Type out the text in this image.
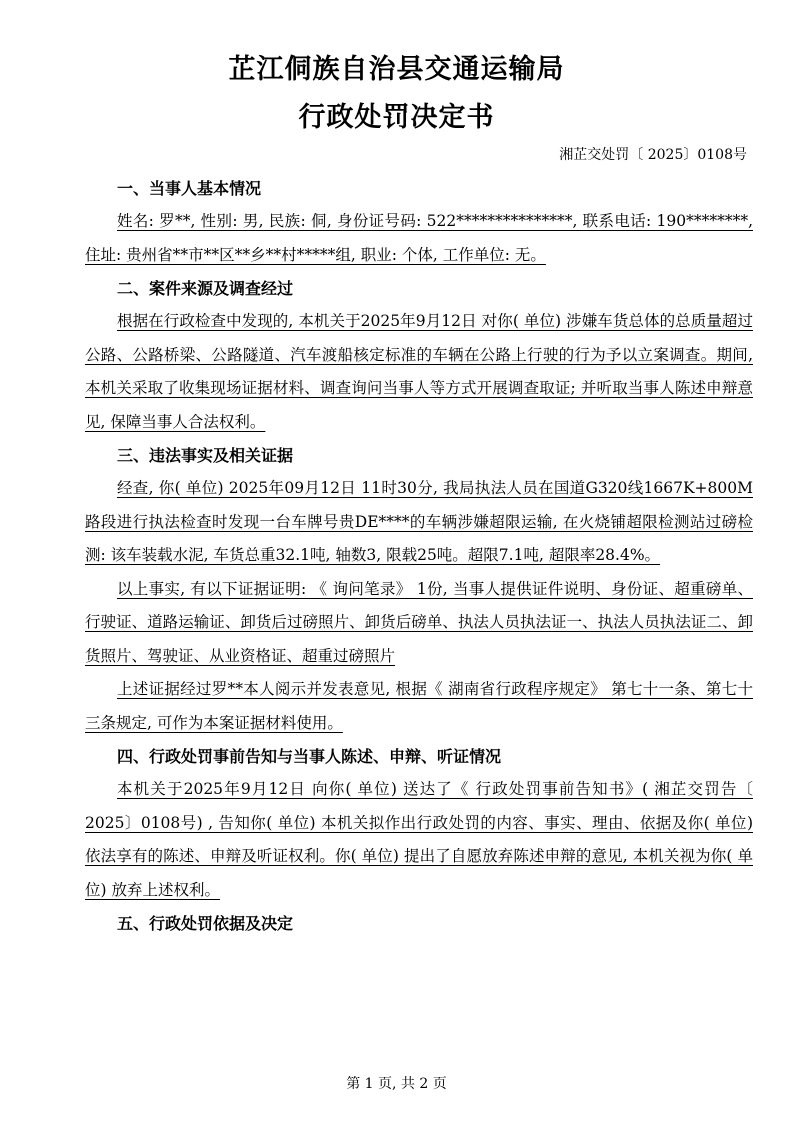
芷江侗族自治县交通运输局
行政处罚决定书
湘芷交处罚〔 2025〕0108号
一、当事人基本情况

姓名: 罗**, 性别: 男, 民族: 侗, 身份证号码: 522***************, 联系电话: 190********, 住址: 贵州省**市**区**乡**村*****组, 职业: 个体, 工作单位: 无。

二、案件来源及调查经过

根据在行政检查中发现的, 本机关于2025年9月12日 对你( 单位) 涉嫌车货总体的总质量超过公路、公路桥梁、公路隧道、汽车渡船核定标准的车辆在公路上行驶的行为予以立案调查。期间, 本机关采取了收集现场证据材料、调查询问当事人等方式开展调查取证; 并听取当事人陈述申辩意见, 保障当事人合法权利。

三、违法事实及相关证据

经查, 你( 单位) 2025年09月12日 11时30分, 我局执法人员在国道G320线1667K+800M路段进行执法检查时发现一台车牌号贵DE****的车辆涉嫌超限运输, 在火烧铺超限检测站过磅检测: 该车装载水泥, 车货总重32.1吨, 轴数3, 限载25吨。超限7.1吨, 超限率28.4%。

以上事实, 有以下证据证明: 《 询问笔录》 1份, 当事人提供证件说明、身份证、超重磅单、行驶证、道路运输证、卸货后过磅照片、卸货后磅单、执法人员执法证一、执法人员执法证二、卸货照片、驾驶证、从业资格证、超重过磅照片

上述证据经过罗**本人阅示并发表意见, 根据《 湖南省行政程序规定》 第七十一条、第七十三条规定, 可作为本案证据材料使用。

四、行政处罚事前告知与当事人陈述、申辩、听证情况

本机关于2025年9月12日 向你( 单位) 送达了《 行政处罚事前告知书》( 湘芷交罚告〔 2025〕0108号) , 告知你( 单位) 本机关拟作出行政处罚的内容、事实、理由、依据及你( 单位) 依法享有的陈述、申辩及听证权利。你( 单位) 提出了自愿放弃陈述申辩的意见, 本机关视为你( 单位) 放弃上述权利。

五、行政处罚依据及决定
第 1 页, 共 2 页
